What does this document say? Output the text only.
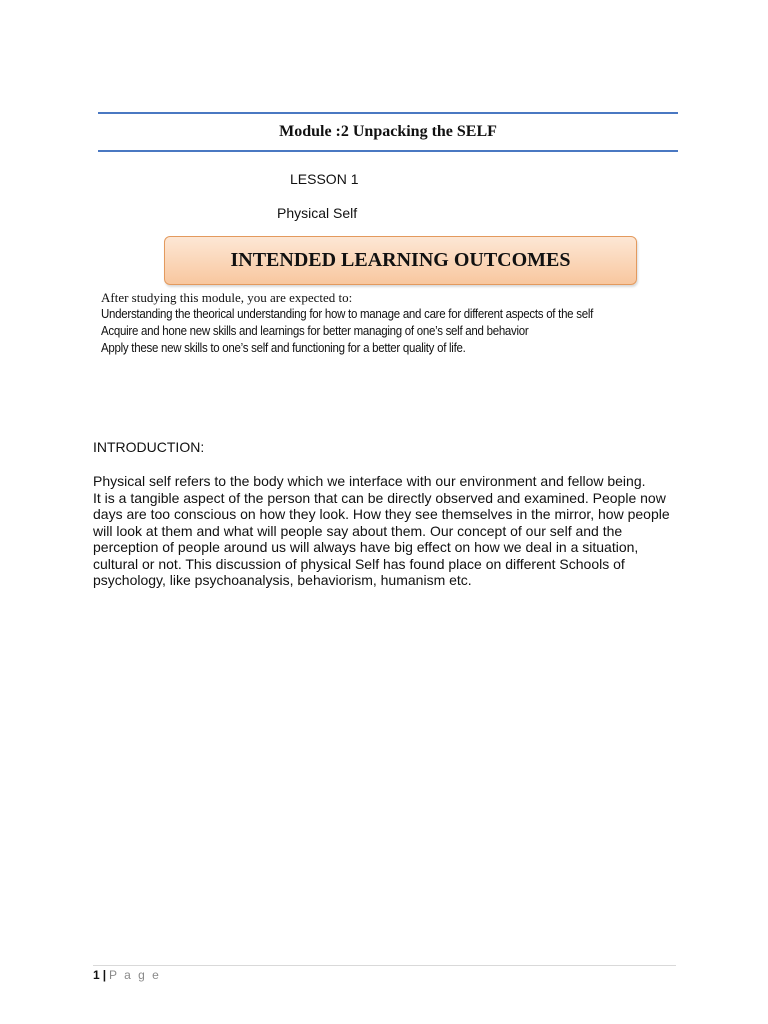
Module :2 Unpacking the SELF
LESSON 1
Physical Self
INTENDED LEARNING OUTCOMES
After studying this module, you are expected to:
Understanding the theorical understanding for how to manage and care for different aspects of the self
Acquire and hone new skills and learnings for better managing of one’s self and behavior
Apply these new skills to one’s self and functioning for a better quality of life.
INTRODUCTION:

Physical self refers to the body which we interface with our environment and fellow being.

It is a tangible aspect of the person that can be directly observed and examined. People now days are too conscious on how they look. How they see themselves in the mirror, how people will look at them and what will people say about them. Our concept of our self and the perception of people around us will always have big effect on how we deal in a situation, cultural or not. This discussion of physical Self has found place on different Schools of psychology, like psychoanalysis, behaviorism, humanism etc.

1 | P a g e
